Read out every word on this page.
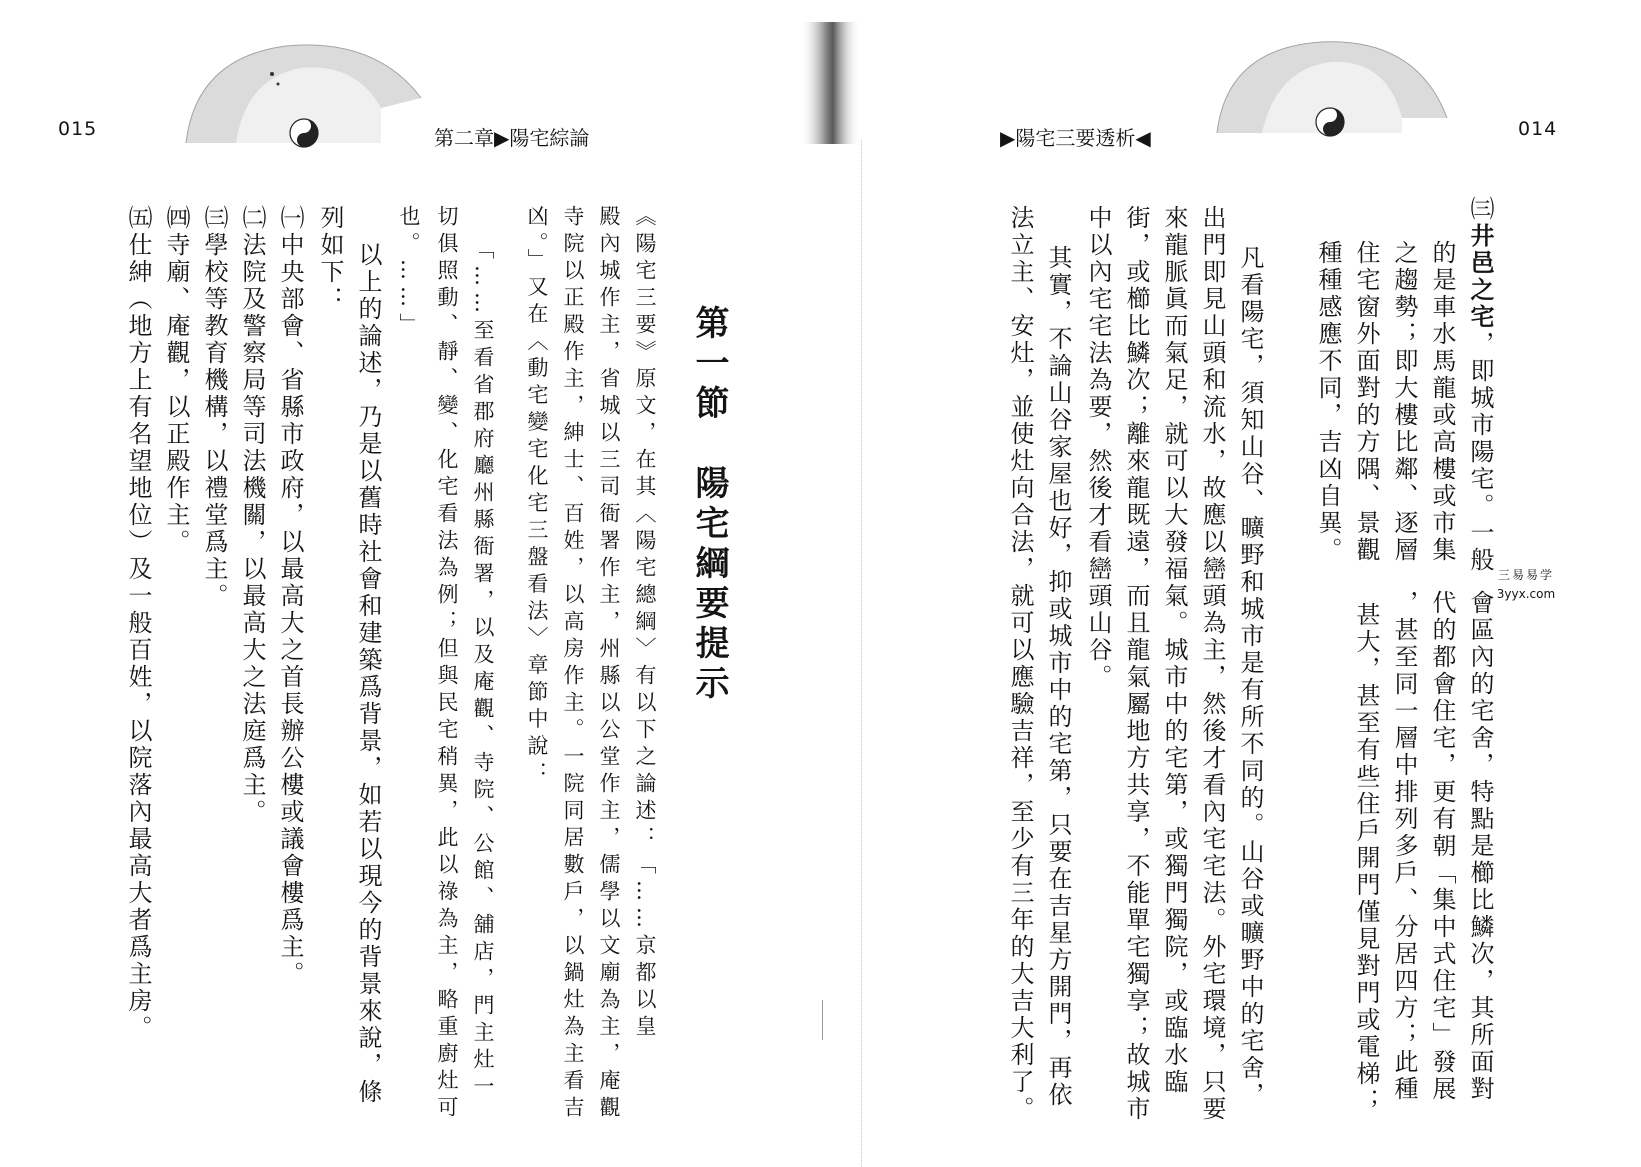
015	第二章▶陽宅綜論
第一節　陽宅綱要提示
《陽宅三要》原文，在其〈陽宅總綱〉有以下之論述：「……京都以皇
殿內城作主，省城以三司衙署作主，州縣以公堂作主，儒學以文廟為主，庵觀
寺院以正殿作主，紳士、百姓，以高房作主。一院同居數戶，以鍋灶為主看吉
凶。」又在〈動宅變宅化宅三盤看法〉章節中說：
「……至看省郡府廳州縣衙署，以及庵觀、寺院、公館、舖店，門主灶一
切俱照動、靜、變、化宅看法為例；但與民宅稍異，此以祿為主，略重廚灶可
也。……」
以上的論述，乃是以舊時社會和建築爲背景，如若以現今的背景來說，條
列如下：
㈠中央部會、省縣市政府，以最高大之首長辦公樓或議會樓爲主。
㈡法院及警察局等司法機關，以最高大之法庭爲主。
㈢學校等教育機構，以禮堂爲主。
㈣寺廟、庵觀，以正殿作主。
㈤仕紳（地方上有名望地位）及一般百姓，以院落內最高大者爲主房。
▶陽宅三要透析◀	014
㈢井邑之宅，即城市陽宅。一般
的是車水馬龍或高樓或市集
之趨勢；即大樓比鄰、逐層
住宅窗外面對的方隅、景觀
種種感應不同，吉凶自異。
會區內的宅舍，特點是櫛比鱗次，其所面對
代的都會住宅，更有朝「集中式住宅」發展
，甚至同一層中排列多戶、分居四方；此種
甚大，甚至有些住戶開門僅見對門或電梯；
凡看陽宅，須知山谷、曠野和城市是有所不同的。山谷或曠野中的宅舍，
出門即見山頭和流水，故應以巒頭為主，然後才看內宅宅法。外宅環境，只要
來龍脈眞而氣足，就可以大發福氣。城市中的宅第，或獨門獨院，或臨水臨
街，或櫛比鱗次；離來龍既遠，而且龍氣屬地方共享，不能單宅獨享；故城市
中以內宅宅法為要，然後才看巒頭山谷。
其實，不論山谷家屋也好，抑或城市中的宅第，只要在吉星方開門，再依
法立主、安灶，並使灶向合法，就可以應驗吉祥，至少有三年的大吉大利了。	三易易学
3yyx.com
